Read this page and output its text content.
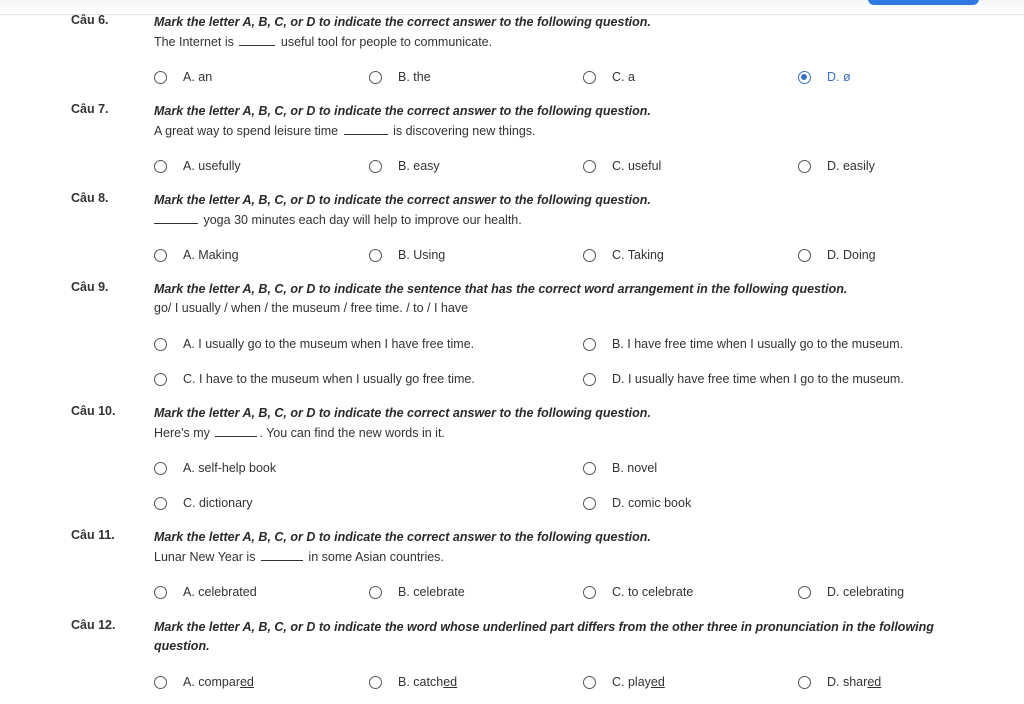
Câu 6.	Mark the letter A, B, C, or D to indicate the correct answer to the following question.
The Internet is	useful tool for people to communicate.
A. an	B. the	C. a	D. ø
Câu 7.	Mark the letter A, B, C, or D to indicate the correct answer to the following question.
A great way to spend leisure time	is discovering new things.
A. usefully	B. easy	C. useful	D. easily
Câu 8.	Mark the letter A, B, C, or D to indicate the correct answer to the following question.
yoga 30 minutes each day will help to improve our health.
A. Making	B. Using	C. Taking	D. Doing
Câu 9.	Mark the letter A, B, C, or D to indicate the sentence that has the correct word arrangement in the following question.
go/ I usually / when / the museum / free time. / to / I have
A. I usually go to the museum when I have free time.	B. I have free time when I usually go to the museum.
C. I have to the museum when I usually go free time.	D. I usually have free time when I go to the museum.
Câu 10.	Mark the letter A, B, C, or D to indicate the correct answer to the following question.
Here's my	. You can find the new words in it.
A. self-help book	B. novel
C. dictionary	D. comic book
Câu 11.	Mark the letter A, B, C, or D to indicate the correct answer to the following question.
Lunar New Year is	in some Asian countries.
A. celebrated	B. celebrate	C. to celebrate	D. celebrating
Câu 12.	Mark the letter A, B, C, or D to indicate the word whose underlined part differs from the other three in pronunciation in the following question.
A. compared	B. catched	C. played	D. shared
